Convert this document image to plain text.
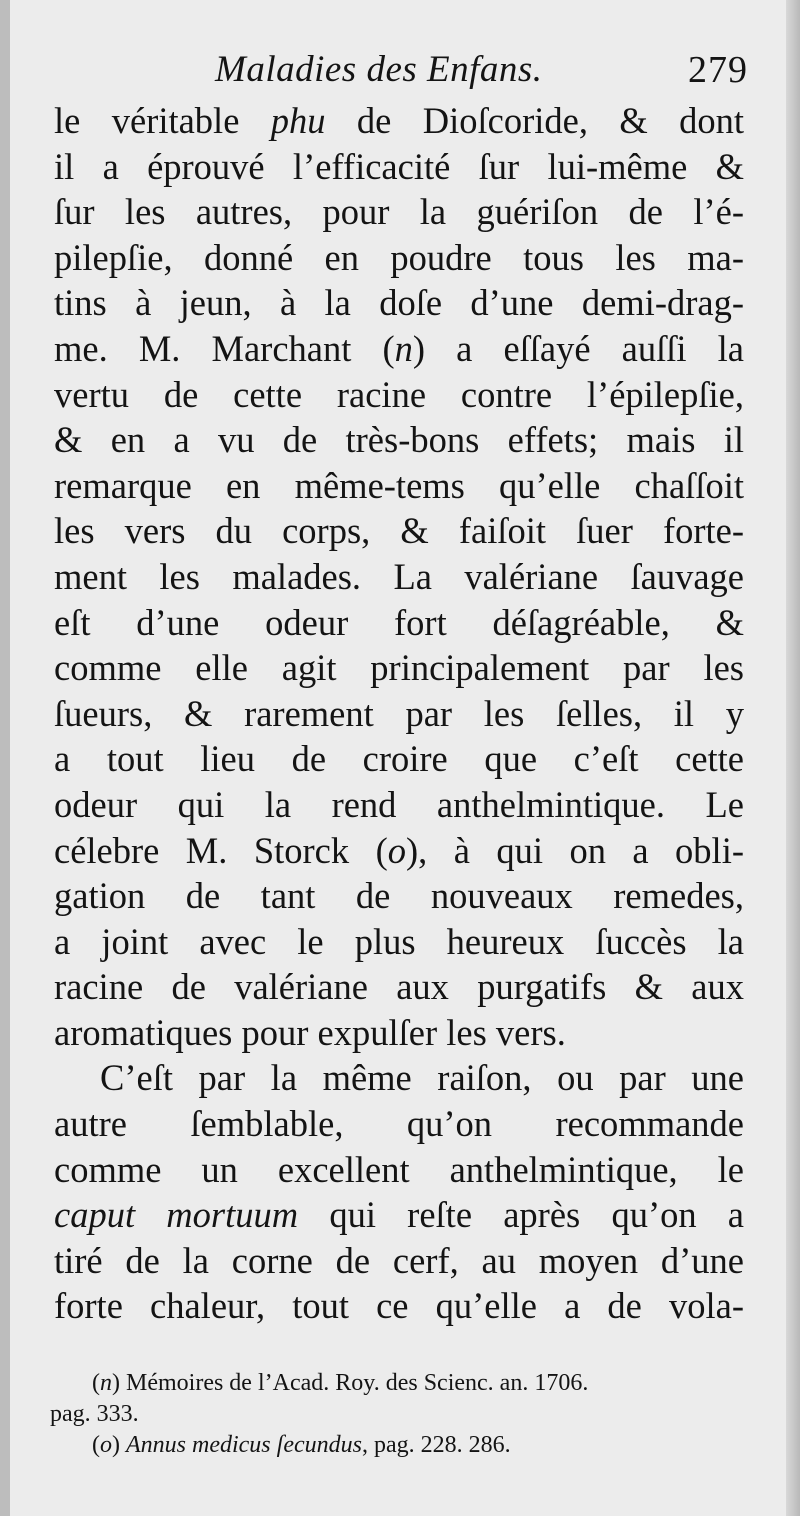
Maladies des Enfans.	279
le véritable phu de Dioſcoride, & dont
il a éprouvé l’efficacité ſur lui-même &
ſur les autres, pour la guériſon de l’é-
pilepſie, donné en poudre tous les ma-
tins à jeun, à la doſe d’une demi-drag-
me. M. Marchant (n) a eſſayé auſſi la
vertu de cette racine contre l’épilepſie,
& en a vu de très-bons effets; mais il
remarque en même-tems qu’elle chaſſoit
les vers du corps, & faiſoit ſuer forte-
ment les malades. La valériane ſauvage
eſt d’une odeur fort déſagréable, &
comme elle agit principalement par les
ſueurs, & rarement par les ſelles, il y
a tout lieu de croire que c’eſt cette
odeur qui la rend anthelmintique. Le
célebre M. Storck (o), à qui on a obli-
gation de tant de nouveaux remedes,
a joint avec le plus heureux ſuccès la
racine de valériane aux purgatifs & aux
aromatiques pour expulſer les vers.
C’eſt par la même raiſon, ou par une
autre ſemblable, qu’on recommande
comme un excellent anthelmintique, le
caput mortuum qui reſte après qu’on a
tiré de la corne de cerf, au moyen d’une
forte chaleur, tout ce qu’elle a de vola-
(n) Mémoires de l’Acad. Roy. des Scienc. an. 1706.
pag. 333.
(o) Annus medicus ſecundus, pag. 228. 286.
